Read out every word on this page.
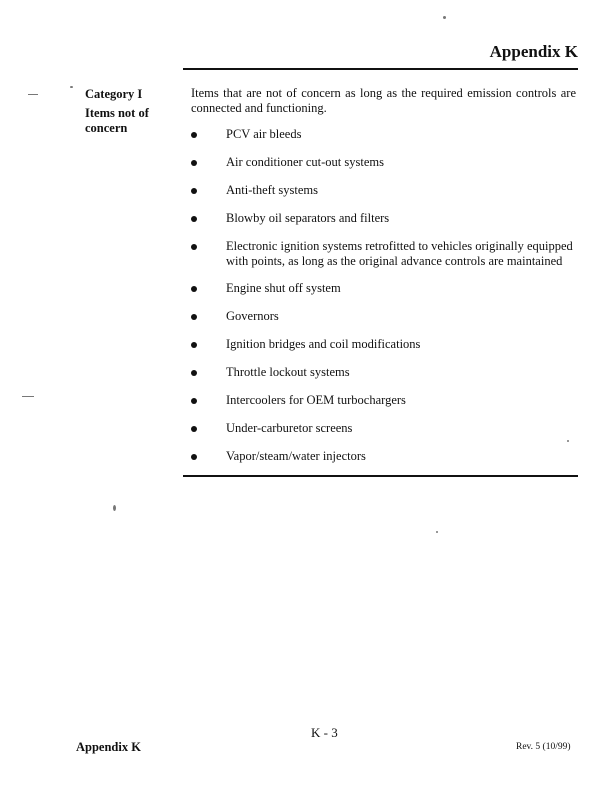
Appendix K
Category I
Items not of concern
Items that are not of concern as long as the required emission controls are connected and functioning.
PCV air bleeds
Air conditioner cut-out systems
Anti-theft systems
Blowby oil separators and filters
Electronic ignition systems retrofitted to vehicles originally equipped with points, as long as the original advance controls are maintained
Engine shut off system
Governors
Ignition bridges and coil modifications
Throttle lockout systems
Intercoolers for OEM turbochargers
Under-carburetor screens
Vapor/steam/water injectors
K - 3
Appendix K	Rev. 5 (10/99)
